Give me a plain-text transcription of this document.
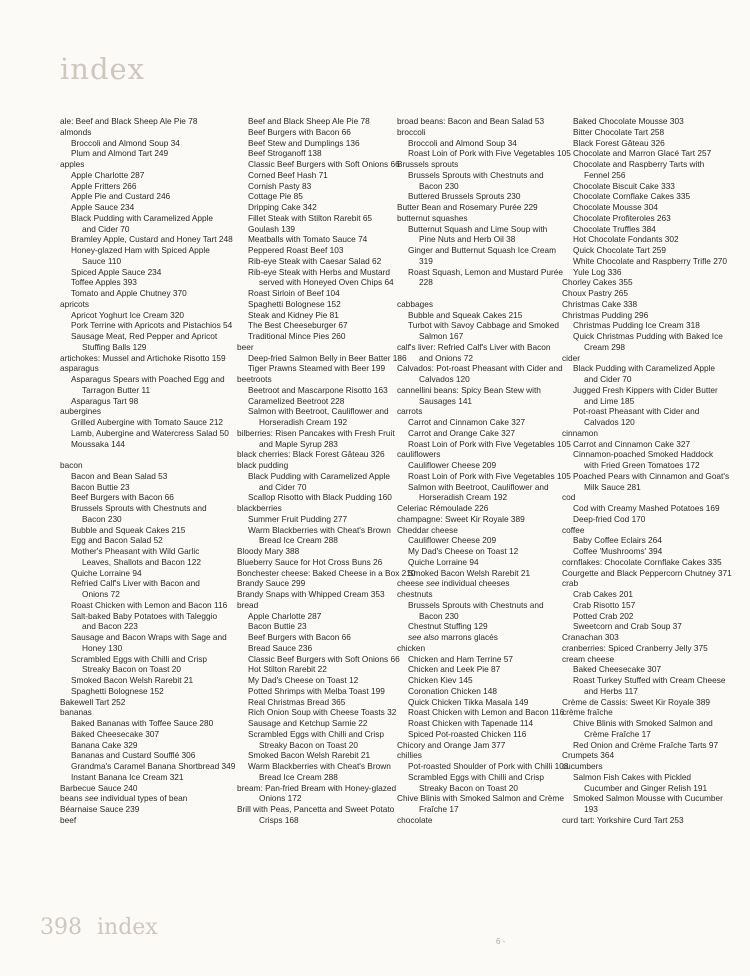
index
ale: Beef and Black Sheep Ale Pie 78
almonds
Broccoli and Almond Soup 34
Plum and Almond Tart 249
apples
Apple Charlotte 287
Apple Fritters 266
Apple Pie and Custard 246
Apple Sauce 234
Black Pudding with Caramelized Apple
and Cider 70
Bramley Apple, Custard and Honey Tart 248
Honey-glazed Ham with Spiced Apple
Sauce 110
Spiced Apple Sauce 234
Toffee Apples 393
Tomato and Apple Chutney 370
apricots
Apricot Yoghurt Ice Cream 320
Pork Terrine with Apricots and Pistachios 54
Sausage Meat, Red Pepper and Apricot
Stuffing Balls 129
artichokes: Mussel and Artichoke Risotto 159
asparagus
Asparagus Spears with Poached Egg and
Tarragon Butter 11
Asparagus Tart 98
aubergines
Grilled Aubergine with Tomato Sauce 212
Lamb, Aubergine and Watercress Salad 50
Moussaka 144
bacon
Bacon and Bean Salad 53
Bacon Buttie 23
Beef Burgers with Bacon 66
Brussels Sprouts with Chestnuts and
Bacon 230
Bubble and Squeak Cakes 215
Egg and Bacon Salad 52
Mother's Pheasant with Wild Garlic
Leaves, Shallots and Bacon 122
Quiche Lorraine 94
Refried Calf's Liver with Bacon and
Onions 72
Roast Chicken with Lemon and Bacon 116
Salt-baked Baby Potatoes with Taleggio
and Bacon 223
Sausage and Bacon Wraps with Sage and
Honey 130
Scrambled Eggs with Chilli and Crisp
Streaky Bacon on Toast 20
Smoked Bacon Welsh Rarebit 21
Spaghetti Bolognese 152
Bakewell Tart 252
bananas
Baked Bananas with Toffee Sauce 280
Baked Cheesecake 307
Banana Cake 329
Bananas and Custard Soufflé 306
Grandma's Caramel Banana Shortbread 349
Instant Banana Ice Cream 321
Barbecue Sauce 240
beans see individual types of bean
Béarnaise Sauce 239
beef
Beef and Black Sheep Ale Pie 78
Beef Burgers with Bacon 66
Beef Stew and Dumplings 136
Beef Stroganoff 138
Classic Beef Burgers with Soft Onions 66
Corned Beef Hash 71
Cornish Pasty 83
Cottage Pie 85
Dripping Cake 342
Fillet Steak with Stilton Rarebit 65
Goulash 139
Meatballs with Tomato Sauce 74
Peppered Roast Beef 103
Rib-eye Steak with Caesar Salad 62
Rib-eye Steak with Herbs and Mustard
served with Honeyed Oven Chips 64
Roast Sirloin of Beef 104
Spaghetti Bolognese 152
Steak and Kidney Pie 81
The Best Cheeseburger 67
Traditional Mince Pies 260
beer
Deep-fried Salmon Belly in Beer Batter 186
Tiger Prawns Steamed with Beer 199
beetroots
Beetroot and Mascarpone Risotto 163
Caramelized Beetroot 228
Salmon with Beetroot, Cauliflower and
Horseradish Cream 192
bilberries: Risen Pancakes with Fresh Fruit
and Maple Syrup 283
black cherries: Black Forest Gâteau 326
black pudding
Black Pudding with Caramelized Apple
and Cider 70
Scallop Risotto with Black Pudding 160
blackberries
Summer Fruit Pudding 277
Warm Blackberries with Cheat's Brown
Bread Ice Cream 288
Bloody Mary 388
Blueberry Sauce for Hot Cross Buns 26
Bonchester cheese: Baked Cheese in a Box 210
Brandy Sauce 299
Brandy Snaps with Whipped Cream 353
bread
Apple Charlotte 287
Bacon Buttie 23
Beef Burgers with Bacon 66
Bread Sauce 236
Classic Beef Burgers with Soft Onions 66
Hot Stilton Rarebit 22
My Dad's Cheese on Toast 12
Potted Shrimps with Melba Toast 199
Real Christmas Bread 365
Rich Onion Soup with Cheese Toasts 32
Sausage and Ketchup Sarnie 22
Scrambled Eggs with Chilli and Crisp
Streaky Bacon on Toast 20
Smoked Bacon Welsh Rarebit 21
Warm Blackberries with Cheat's Brown
Bread Ice Cream 288
bream: Pan-fried Bream with Honey-glazed
Onions 172
Brill with Peas, Pancetta and Sweet Potato
Crisps 168
broad beans: Bacon and Bean Salad 53
broccoli
Broccoli and Almond Soup 34
Roast Loin of Pork with Five Vegetables 105
Brussels sprouts
Brussels Sprouts with Chestnuts and
Bacon 230
Buttered Brussels Sprouts 230
Butter Bean and Rosemary Purée 229
butternut squashes
Butternut Squash and Lime Soup with
Pine Nuts and Herb Oil 38
Ginger and Butternut Squash Ice Cream
319
Roast Squash, Lemon and Mustard Purée
228
cabbages
Bubble and Squeak Cakes 215
Turbot with Savoy Cabbage and Smoked
Salmon 167
calf's liver: Refried Calf's Liver with Bacon
and Onions 72
Calvados: Pot-roast Pheasant with Cider and
Calvados 120
cannellini beans: Spicy Bean Stew with
Sausages 141
carrots
Carrot and Cinnamon Cake 327
Carrot and Orange Cake 327
Roast Loin of Pork with Five Vegetables 105
cauliflowers
Cauliflower Cheese 209
Roast Loin of Pork with Five Vegetables 105
Salmon with Beetroot, Cauliflower and
Horseradish Cream 192
Celeriac Rémoulade 226
champagne: Sweet Kir Royale 389
Cheddar cheese
Cauliflower Cheese 209
My Dad's Cheese on Toast 12
Quiche Lorraine 94
Smoked Bacon Welsh Rarebit 21
cheese see individual cheeses
chestnuts
Brussels Sprouts with Chestnuts and
Bacon 230
Chestnut Stuffing 129
see also marrons glacés
chicken
Chicken and Ham Terrine 57
Chicken and Leek Pie 87
Chicken Kiev 145
Coronation Chicken 148
Quick Chicken Tikka Masala 149
Roast Chicken with Lemon and Bacon 116
Roast Chicken with Tapenade 114
Spiced Pot-roasted Chicken 116
Chicory and Orange Jam 377
chillies
Pot-roasted Shoulder of Pork with Chilli 108
Scrambled Eggs with Chilli and Crisp
Streaky Bacon on Toast 20
Chive Blinis with Smoked Salmon and Crème
Fraîche 17
chocolate
Baked Chocolate Mousse 303
Bitter Chocolate Tart 258
Black Forest Gâteau 326
Chocolate and Marron Glacé Tart 257
Chocolate and Raspberry Tarts with
Fennel 256
Chocolate Biscuit Cake 333
Chocolate Cornflake Cakes 335
Chocolate Mousse 304
Chocolate Profiteroles 263
Chocolate Truffles 384
Hot Chocolate Fondants 302
Quick Chocolate Tart 259
White Chocolate and Raspberry Trifle 270
Yule Log 336
Chorley Cakes 355
Choux Pastry 265
Christmas Cake 338
Christmas Pudding 296
Christmas Pudding Ice Cream 318
Quick Christmas Pudding with Baked Ice
Cream 298
cider
Black Pudding with Caramelized Apple
and Cider 70
Jugged Fresh Kippers with Cider Butter
and Lime 185
Pot-roast Pheasant with Cider and
Calvados 120
cinnamon
Carrot and Cinnamon Cake 327
Cinnamon-poached Smoked Haddock
with Fried Green Tomatoes 172
Poached Pears with Cinnamon and Goat's
Milk Sauce 281
cod
Cod with Creamy Mashed Potatoes 169
Deep-fried Cod 170
coffee
Baby Coffee Eclairs 264
Coffee 'Mushrooms' 394
cornflakes: Chocolate Cornflake Cakes 335
Courgette and Black Peppercorn Chutney 371
crab
Crab Cakes 201
Crab Risotto 157
Potted Crab 202
Sweetcorn and Crab Soup 37
Cranachan 303
cranberries: Spiced Cranberry Jelly 375
cream cheese
Baked Cheesecake 307
Roast Turkey Stuffed with Cream Cheese
and Herbs 117
Crème de Cassis: Sweet Kir Royale 389
crème fraîche
Chive Blinis with Smoked Salmon and
Crème Fraîche 17
Red Onion and Crème Fraîche Tarts 97
Crumpets 364
cucumbers
Salmon Fish Cakes with Pickled
Cucumber and Ginger Relish 191
Smoked Salmon Mousse with Cucumber
193
curd tart: Yorkshire Curd Tart 253
398 index
6 -
